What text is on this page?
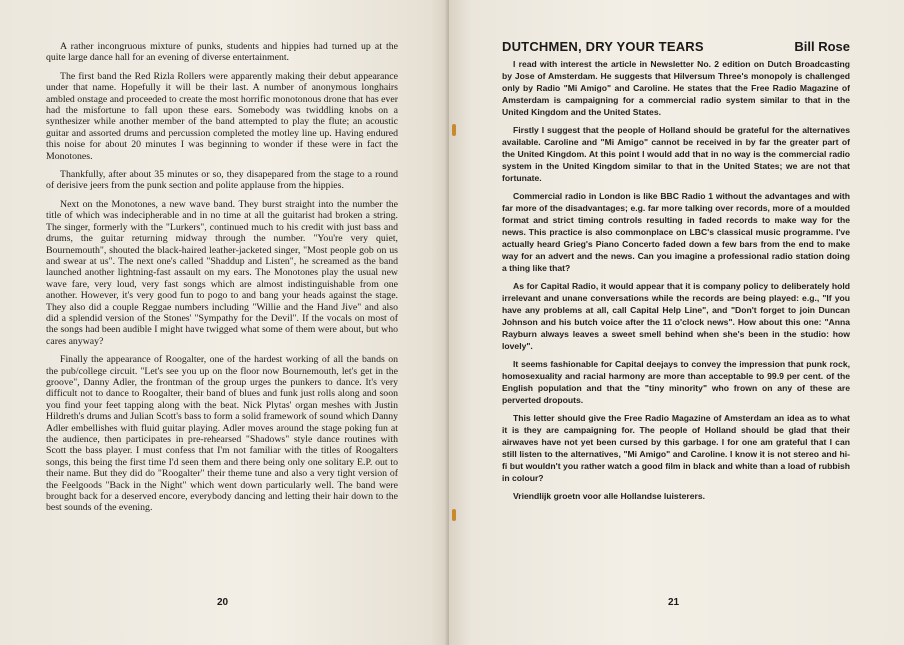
A rather incongruous mixture of punks, students and hippies had turned up at the quite large dance hall for an evening of diverse entertainment.

The first band the Red Rizla Rollers were apparently making their debut appearance under that name. Hopefully it will be their last. A number of anonymous longhairs ambled onstage and proceeded to create the most horrific monotonous drone that has ever had the misfortune to fall upon these ears. Somebody was twiddling knobs on a synthesizer while another member of the band attempted to play the flute; an acoustic guitar and assorted drums and percussion completed the motley line up. Having endured this noise for about 20 minutes I was beginning to wonder if these were in fact the Monotones.

Thankfully, after about 35 minutes or so, they disapepared from the stage to a round of derisive jeers from the punk section and polite applause from the hippies.

Next on the Monotones, a new wave band. They burst straight into the number the title of which was indecipherable and in no time at all the guitarist had broken a string. The singer, formerly with the "Lurkers", continued much to his credit with just bass and drums, the guitar returning midway through the number. "You're very quiet, Bournemouth", shouted the black-haired leather-jacketed singer, "Most people gob on us and swear at us". The next one's called "Shaddup and Listen", he screamed as the band launched another lightning-fast assault on my ears. The Monotones play the usual new wave fare, very loud, very fast songs which are almost indistinguishable from one another. However, it's very good fun to pogo to and bang your heads against the stage. They also did a couple Reggae numbers including "Willie and the Hand Jive" and also did a splendid version of the Stones' "Sympathy for the Devil". If the vocals on most of the songs had been audible I might have twigged what some of them were about, but who cares anyway?

Finally the appearance of Roogalter, one of the hardest working of all the bands on the pub/college circuit. "Let's see you up on the floor now Bournemouth, let's get in the groove", Danny Adler, the frontman of the group urges the punkers to dance. It's very difficult not to dance to Roogalter, their band of blues and funk just rolls along and soon you find your feet tapping along with the beat. Nick Plytas' organ meshes with Justin Hildreth's drums and Julian Scott's bass to form a solid framework of sound which Danny Adler embellishes with fluid guitar playing. Adler moves around the stage poking fun at the audience, then participates in pre-rehearsed "Shadows" style dance routines with Scott the bass player. I must confess that I'm not familiar with the titles of Roogalters songs, this being the first time I'd seen them and there being only one solitary E.P. out to their name. But they did do "Roogalter" their theme tune and also a very tight version of the Feelgoods "Back in the Night" which went down particularly well. The band were brought back for a deserved encore, everybody dancing and letting their hair down to the best sounds of the evening.

20
DUTCHMEN, DRY YOUR TEARS	Bill Rose

I read with interest the article in Newsletter No. 2 edition on Dutch Broadcasting by Jose of Amsterdam. He suggests that Hilversum Three's monopoly is challenged only by Radio "Mi Amigo" and Caroline. He states that the Free Radio Magazine of Amsterdam is campaigning for a commercial radio system similar to that in the United Kingdom and the United States.

Firstly I suggest that the people of Holland should be grateful for the alternatives available. Caroline and "Mi Amigo" cannot be received in by far the greater part of the United Kingdom. At this point I would add that in no way is the commercial radio system in the United Kingdom similar to that in the United States; we are not that fortunate.

Commercial radio in London is like BBC Radio 1 without the advantages and with far more of the disadvantages; e.g. far more talking over records, more of a moulded format and strict timing controls resulting in faded records to make way for the news. This practice is also commonplace on LBC's classical music programme. I've actually heard Grieg's Piano Concerto faded down a few bars from the end to make way for an advert and the news. Can you imagine a professional radio station doing a thing like that?

As for Capital Radio, it would appear that it is company policy to deliberately hold irrelevant and unane conversations while the records are being played: e.g., "If you have any problems at all, call Capital Help Line", and "Don't forget to join Duncan Johnson and his butch voice after the 11 o'clock news". How about this one: "Anna Rayburn always leaves a sweet smell behind when she's been in the studio: how lovely".

It seems fashionable for Capital deejays to convey the impression that punk rock, homosexuality and racial harmony are more than acceptable to 99.9 per cent. of the English population and that the "tiny minority" who frown on any of these are perverted dropouts.

This letter should give the Free Radio Magazine of Amsterdam an idea as to what it is they are campaigning for. The people of Holland should be glad that their airwaves have not yet been cursed by this garbage. I for one am grateful that I can still listen to the alternatives, "Mi Amigo" and Caroline. I know it is not stereo and hi-fi but wouldn't you rather watch a good film in black and white than a load of rubbish in colour?

Vriendlijk groetn voor alle Hollandse luisterers.

21
